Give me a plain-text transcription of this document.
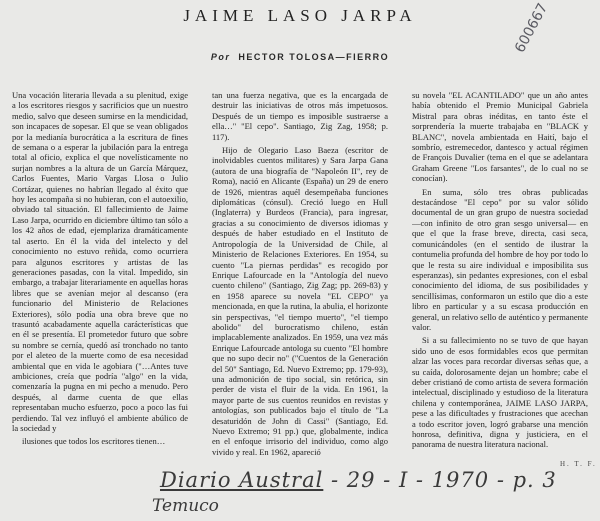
JAIME LASO JARPA
Por HECTOR TOLOSA—FIERRO
600667

Una vocación literaria llevada a su plenitud, exige a los escritores riesgos y sacrificios que un nuestro medio, salvo que deseen sumirse en la mendicidad, son incapaces de sopesar. El que se vean obligados por la medianía burocrática a la escritura de fines de semana o a esperar la jubilación para la entrega total al oficio, explica el que novelísticamente no surjan nombres a la altura de un García Márquez, Carlos Fuentes, Mario Vargas Llosa o Julio Cortázar, quienes no habrían llegado al éxito que hoy les acompaña si no hubieran, con el autoexilio, obviado tal situación. El fallecimiento de Jaime Laso Jarpa, ocurrido en diciembre último tan sólo a los 42 años de edad, ejemplariza dramáticamente tal aserto. En él la vida del intelecto y del conocimiento no estuvo reñida, como ocurriera para algunos escritores y artistas de las generaciones pasadas, con la vital. Impedido, sin embargo, a trabajar literariamente en aquellas horas libres que se avenían mejor al descanso (era funcionario del Ministerio de Relaciones Exteriores), sólo podía una obra breve que no trasuntó acabadamente aquella carácterísticas que en él se presentía. El prometedor futuro que sobre su nombre se cernía, quedó así tronchado no tanto por el aleteo de la muerte como de esa necesidad ambiental que en vida le agobiara ("…Antes tuve ambiciones, creía que podría "algo" en la vida, comenzaría la pugna en mi pecho a menudo. Pero después, al darme cuenta de que ellas representaban mucho esfuerzo, poco a poco las fui perdiendo. Tal vez influyó el ambiente abúlico de la sociedad y

ilusiones que todos los escritores tienen…

tan una fuerza negativa, que es la encargada de destruir las iniciativas de otros más impetuosos. Después de un tiempo es imposible sustraerse a ella…" "El cepo". Santiago, Zig Zag, 1958; p. 117).

Hijo de Olegario Laso Baeza (escritor de inolvidables cuentos militares) y Sara Jarpa Gana (autora de una biografía de "Napoleón II", rey de Roma), nació en Alicante (España) un 29 de enero de 1926, mientras aquél desempeñaba funciones diplomáticas (cónsul). Creció luego en Hull (Inglaterra) y Burdeos (Francia), para ingresar, gracias a su conocimiento de diversos idiomas y después de haber estudiado en el Instituto de Antropología de la Universidad de Chile, al Ministerio de Relaciones Exteriores. En 1954, su cuento "La piernas perdidas" es recogido por Enrique Lafourcade en la "Antología del nuevo cuento chileno" (Santiago, Zig Zag; pp. 269-83) y en 1958 aparece su novela "EL CEPO" ya mencionada, en que la rutina, la abulia, el horizonte sin perspectivas, "el tiempo muerto", "el tiempo abolido" del burocratismo chileno, están implacablemente analizados. En 1959, una vez más Enrique Lafourcade antologa su cuento "El hombre que no supo decir no" ("Cuentos de la Generación del 50" Santiago, Ed. Nuevo Extremo; pp. 179-93), una admonición de tipo social, sin retórica, sin perder de vista el fluir de la vida. En 1961, la mayor parte de sus cuentos reunidos en revistas y antologías, son publicados bajo el título de "La desaturidón de John di Cassi" (Santiago, Ed. Nuevo Extremo; 91 pp.) que, globalmente, indica en el enfoque irrisorio del individuo, como algo vivido y real. En 1962, apareció

su novela "EL ACANTILADO" que un año antes había obtenido el Premio Municipal Gabriela Mistral para obras inéditas, en tanto éste el sorprendería la muerte trabajaba en "BLACK y BLANC", novela ambientada en Haití, bajo el sombrío, estremecedor, dantesco y actual régimen de François Duvalier (tema en el que se adelantara Graham Greene "Los farsantes", de lo cual no se conocían).

En suma, sólo tres obras publicadas destacándose "El cepo" por su valor sólido documental de un gran grupo de nuestra sociedad —con infinito de otro gran sesgo universal— en que el que la frase breve, directa, casi seca, comunicándoles (en el sentido de ilustrar la contumelia profunda del hombre de hoy por todo lo que le resta su aire individual e imposibilita sus esperanzas), sin pedantes expresiones, con el esbal conocimiento del idioma, de sus posibilidades y sencillísimas, conformaron un estilo que dio a este libro en particular y a su escasa producción en general, un relativo sello de auténtico y permanente valor.

Si a su fallecimiento no se tuvo de que hayan sido uno de esos formidables ecos que permitan alzar las voces para recordar diversas señas que, a su caída, dolorosamente dejan un hombre; cabe el deber cristianó de como artista de severa formación intelectual, disciplinado y estudioso de la literatura chilena y contemporánea, JAIME LASO JARPA, pese a las dificultades y frustraciones que acechan a todo escritor joven, logró grabarse una mención honrosa, definitiva, digna y justiciera, en el panorama de nuestra literatura nacional.

H. T. F.
Diario Austral - 29 - I - 1970 - p. 3
Temuco
